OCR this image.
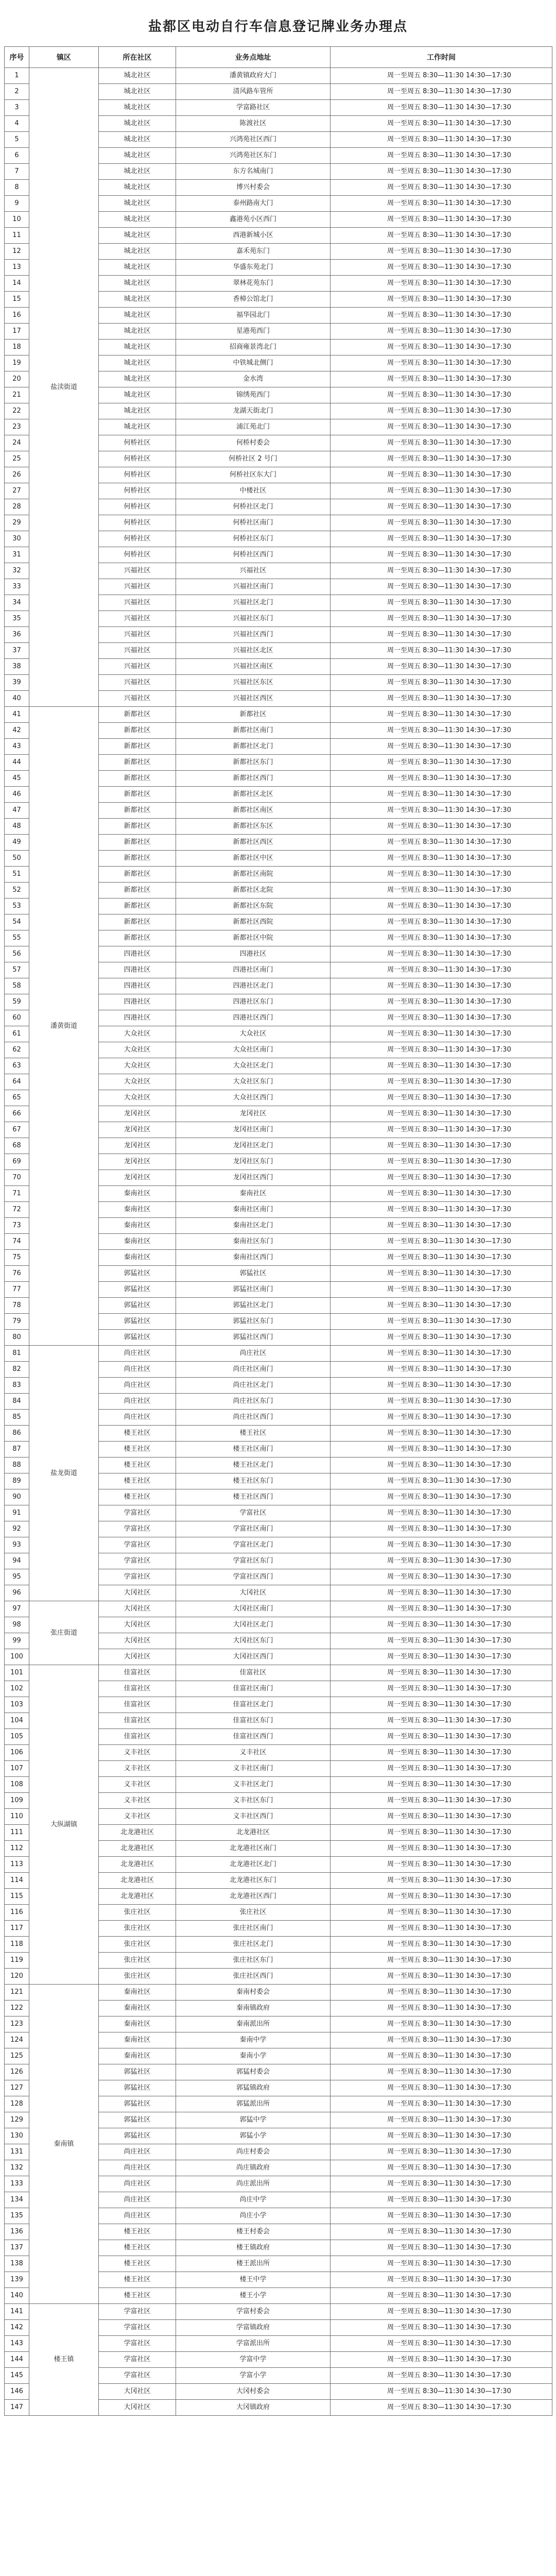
盐都区电动自行车信息登记牌业务办理点
序号	镇区	所在社区	业务点地址	工作时间
1	盐渎街道	城北社区	潘黄镇政府大门	周一至周五 8:30—11:30 14:30—17:30
2		城北社区	清风路车管所	周一至周五 8:30—11:30 14:30—17:30
3		城北社区	学富路社区	周一至周五 8:30—11:30 14:30—17:30
4		城北社区	陈渡社区	周一至周五 8:30—11:30 14:30—17:30
5		城北社区	兴鸿苑社区西门	周一至周五 8:30—11:30 14:30—17:30
6		城北社区	兴鸿苑社区东门	周一至周五 8:30—11:30 14:30—17:30
7		城北社区	东方名城南门	周一至周五 8:30—11:30 14:30—17:30
8		城北社区	博兴村委会	周一至周五 8:30—11:30 14:30—17:30
9		城北社区	泰州路南大门	周一至周五 8:30—11:30 14:30—17:30
10		城北社区	鑫港苑小区西门	周一至周五 8:30—11:30 14:30—17:30
11		城北社区	西港新城小区	周一至周五 8:30—11:30 14:30—17:30
12		城北社区	嘉禾苑东门	周一至周五 8:30—11:30 14:30—17:30
13		城北社区	华盛东苑北门	周一至周五 8:30—11:30 14:30—17:30
14		城北社区	翠林花苑东门	周一至周五 8:30—11:30 14:30—17:30
15		城北社区	香樟公馆北门	周一至周五 8:30—11:30 14:30—17:30
16		城北社区	福华园北门	周一至周五 8:30—11:30 14:30—17:30
17		城北社区	星港苑西门	周一至周五 8:30—11:30 14:30—17:30
18		城北社区	招商雍景湾北门	周一至周五 8:30—11:30 14:30—17:30
19		城北社区	中铁城北侧门	周一至周五 8:30—11:30 14:30—17:30
20		城北社区	金水湾	周一至周五 8:30—11:30 14:30—17:30
21		城北社区	锦绣苑西门	周一至周五 8:30—11:30 14:30—17:30
22		城北社区	龙湖天街北门	周一至周五 8:30—11:30 14:30—17:30
23		城北社区	浦江苑北门	周一至周五 8:30—11:30 14:30—17:30
24		何桥社区	何桥村委会	周一至周五 8:30—11:30 14:30—17:30
25		何桥社区	何桥社区 2 号门	周一至周五 8:30—11:30 14:30—17:30
26		何桥社区	何桥社区东大门	周一至周五 8:30—11:30 14:30—17:30
27		何桥社区	中楼社区	周一至周五 8:30—11:30 14:30—17:30
28		何桥社区	何桥社区北门	周一至周五 8:30—11:30 14:30—17:30
29		何桥社区	何桥社区南门	周一至周五 8:30—11:30 14:30—17:30
30		何桥社区	何桥社区东门	周一至周五 8:30—11:30 14:30—17:30
31		何桥社区	何桥社区西门	周一至周五 8:30—11:30 14:30—17:30
32		兴福社区	兴福社区	周一至周五 8:30—11:30 14:30—17:30
33		兴福社区	兴福社区南门	周一至周五 8:30—11:30 14:30—17:30
34		兴福社区	兴福社区北门	周一至周五 8:30—11:30 14:30—17:30
35		兴福社区	兴福社区东门	周一至周五 8:30—11:30 14:30—17:30
36		兴福社区	兴福社区西门	周一至周五 8:30—11:30 14:30—17:30
37		兴福社区	兴福社区北区	周一至周五 8:30—11:30 14:30—17:30
38		兴福社区	兴福社区南区	周一至周五 8:30—11:30 14:30—17:30
39		兴福社区	兴福社区东区	周一至周五 8:30—11:30 14:30—17:30
40		兴福社区	兴福社区西区	周一至周五 8:30—11:30 14:30—17:30
41	潘黄街道	新都社区	新都社区	周一至周五 8:30—11:30 14:30—17:30
42		新都社区	新都社区南门	周一至周五 8:30—11:30 14:30—17:30
43		新都社区	新都社区北门	周一至周五 8:30—11:30 14:30—17:30
44		新都社区	新都社区东门	周一至周五 8:30—11:30 14:30—17:30
45		新都社区	新都社区西门	周一至周五 8:30—11:30 14:30—17:30
46		新都社区	新都社区北区	周一至周五 8:30—11:30 14:30—17:30
47		新都社区	新都社区南区	周一至周五 8:30—11:30 14:30—17:30
48		新都社区	新都社区东区	周一至周五 8:30—11:30 14:30—17:30
49		新都社区	新都社区西区	周一至周五 8:30—11:30 14:30—17:30
50		新都社区	新都社区中区	周一至周五 8:30—11:30 14:30—17:30
51		新都社区	新都社区南院	周一至周五 8:30—11:30 14:30—17:30
52		新都社区	新都社区北院	周一至周五 8:30—11:30 14:30—17:30
53		新都社区	新都社区东院	周一至周五 8:30—11:30 14:30—17:30
54		新都社区	新都社区西院	周一至周五 8:30—11:30 14:30—17:30
55		新都社区	新都社区中院	周一至周五 8:30—11:30 14:30—17:30
56		四港社区	四港社区	周一至周五 8:30—11:30 14:30—17:30
57		四港社区	四港社区南门	周一至周五 8:30—11:30 14:30—17:30
58		四港社区	四港社区北门	周一至周五 8:30—11:30 14:30—17:30
59		四港社区	四港社区东门	周一至周五 8:30—11:30 14:30—17:30
60		四港社区	四港社区西门	周一至周五 8:30—11:30 14:30—17:30
61		大众社区	大众社区	周一至周五 8:30—11:30 14:30—17:30
62		大众社区	大众社区南门	周一至周五 8:30—11:30 14:30—17:30
63		大众社区	大众社区北门	周一至周五 8:30—11:30 14:30—17:30
64		大众社区	大众社区东门	周一至周五 8:30—11:30 14:30—17:30
65		大众社区	大众社区西门	周一至周五 8:30—11:30 14:30—17:30
66		龙冈社区	龙冈社区	周一至周五 8:30—11:30 14:30—17:30
67		龙冈社区	龙冈社区南门	周一至周五 8:30—11:30 14:30—17:30
68		龙冈社区	龙冈社区北门	周一至周五 8:30—11:30 14:30—17:30
69		龙冈社区	龙冈社区东门	周一至周五 8:30—11:30 14:30—17:30
70		龙冈社区	龙冈社区西门	周一至周五 8:30—11:30 14:30—17:30
71		秦南社区	秦南社区	周一至周五 8:30—11:30 14:30—17:30
72		秦南社区	秦南社区南门	周一至周五 8:30—11:30 14:30—17:30
73		秦南社区	秦南社区北门	周一至周五 8:30—11:30 14:30—17:30
74		秦南社区	秦南社区东门	周一至周五 8:30—11:30 14:30—17:30
75		秦南社区	秦南社区西门	周一至周五 8:30—11:30 14:30—17:30
76		郭猛社区	郭猛社区	周一至周五 8:30—11:30 14:30—17:30
77		郭猛社区	郭猛社区南门	周一至周五 8:30—11:30 14:30—17:30
78		郭猛社区	郭猛社区北门	周一至周五 8:30—11:30 14:30—17:30
79		郭猛社区	郭猛社区东门	周一至周五 8:30—11:30 14:30—17:30
80		郭猛社区	郭猛社区西门	周一至周五 8:30—11:30 14:30—17:30
81	盐龙街道	尚庄社区	尚庄社区	周一至周五 8:30—11:30 14:30—17:30
82		尚庄社区	尚庄社区南门	周一至周五 8:30—11:30 14:30—17:30
83		尚庄社区	尚庄社区北门	周一至周五 8:30—11:30 14:30—17:30
84		尚庄社区	尚庄社区东门	周一至周五 8:30—11:30 14:30—17:30
85		尚庄社区	尚庄社区西门	周一至周五 8:30—11:30 14:30—17:30
86		楼王社区	楼王社区	周一至周五 8:30—11:30 14:30—17:30
87		楼王社区	楼王社区南门	周一至周五 8:30—11:30 14:30—17:30
88		楼王社区	楼王社区北门	周一至周五 8:30—11:30 14:30—17:30
89		楼王社区	楼王社区东门	周一至周五 8:30—11:30 14:30—17:30
90		楼王社区	楼王社区西门	周一至周五 8:30—11:30 14:30—17:30
91		学富社区	学富社区	周一至周五 8:30—11:30 14:30—17:30
92		学富社区	学富社区南门	周一至周五 8:30—11:30 14:30—17:30
93		学富社区	学富社区北门	周一至周五 8:30—11:30 14:30—17:30
94		学富社区	学富社区东门	周一至周五 8:30—11:30 14:30—17:30
95		学富社区	学富社区西门	周一至周五 8:30—11:30 14:30—17:30
96		大冈社区	大冈社区	周一至周五 8:30—11:30 14:30—17:30
97	张庄街道	大冈社区	大冈社区南门	周一至周五 8:30—11:30 14:30—17:30
98		大冈社区	大冈社区北门	周一至周五 8:30—11:30 14:30—17:30
99		大冈社区	大冈社区东门	周一至周五 8:30—11:30 14:30—17:30
100		大冈社区	大冈社区西门	周一至周五 8:30—11:30 14:30—17:30
101	大纵湖镇	佳富社区	佳富社区	周一至周五 8:30—11:30 14:30—17:30
102		佳富社区	佳富社区南门	周一至周五 8:30—11:30 14:30—17:30
103		佳富社区	佳富社区北门	周一至周五 8:30—11:30 14:30—17:30
104		佳富社区	佳富社区东门	周一至周五 8:30—11:30 14:30—17:30
105		佳富社区	佳富社区西门	周一至周五 8:30—11:30 14:30—17:30
106		义丰社区	义丰社区	周一至周五 8:30—11:30 14:30—17:30
107		义丰社区	义丰社区南门	周一至周五 8:30—11:30 14:30—17:30
108		义丰社区	义丰社区北门	周一至周五 8:30—11:30 14:30—17:30
109		义丰社区	义丰社区东门	周一至周五 8:30—11:30 14:30—17:30
110		义丰社区	义丰社区西门	周一至周五 8:30—11:30 14:30—17:30
111		北龙港社区	北龙港社区	周一至周五 8:30—11:30 14:30—17:30
112		北龙港社区	北龙港社区南门	周一至周五 8:30—11:30 14:30—17:30
113		北龙港社区	北龙港社区北门	周一至周五 8:30—11:30 14:30—17:30
114		北龙港社区	北龙港社区东门	周一至周五 8:30—11:30 14:30—17:30
115		北龙港社区	北龙港社区西门	周一至周五 8:30—11:30 14:30—17:30
116		张庄社区	张庄社区	周一至周五 8:30—11:30 14:30—17:30
117		张庄社区	张庄社区南门	周一至周五 8:30—11:30 14:30—17:30
118		张庄社区	张庄社区北门	周一至周五 8:30—11:30 14:30—17:30
119		张庄社区	张庄社区东门	周一至周五 8:30—11:30 14:30—17:30
120		张庄社区	张庄社区西门	周一至周五 8:30—11:30 14:30—17:30
121	秦南镇	秦南社区	秦南村委会	周一至周五 8:30—11:30 14:30—17:30
122		秦南社区	秦南镇政府	周一至周五 8:30—11:30 14:30—17:30
123		秦南社区	秦南派出所	周一至周五 8:30—11:30 14:30—17:30
124		秦南社区	秦南中学	周一至周五 8:30—11:30 14:30—17:30
125		秦南社区	秦南小学	周一至周五 8:30—11:30 14:30—17:30
126		郭猛社区	郭猛村委会	周一至周五 8:30—11:30 14:30—17:30
127		郭猛社区	郭猛镇政府	周一至周五 8:30—11:30 14:30—17:30
128		郭猛社区	郭猛派出所	周一至周五 8:30—11:30 14:30—17:30
129		郭猛社区	郭猛中学	周一至周五 8:30—11:30 14:30—17:30
130		郭猛社区	郭猛小学	周一至周五 8:30—11:30 14:30—17:30
131		尚庄社区	尚庄村委会	周一至周五 8:30—11:30 14:30—17:30
132		尚庄社区	尚庄镇政府	周一至周五 8:30—11:30 14:30—17:30
133		尚庄社区	尚庄派出所	周一至周五 8:30—11:30 14:30—17:30
134		尚庄社区	尚庄中学	周一至周五 8:30—11:30 14:30—17:30
135		尚庄社区	尚庄小学	周一至周五 8:30—11:30 14:30—17:30
136		楼王社区	楼王村委会	周一至周五 8:30—11:30 14:30—17:30
137		楼王社区	楼王镇政府	周一至周五 8:30—11:30 14:30—17:30
138		楼王社区	楼王派出所	周一至周五 8:30—11:30 14:30—17:30
139		楼王社区	楼王中学	周一至周五 8:30—11:30 14:30—17:30
140		楼王社区	楼王小学	周一至周五 8:30—11:30 14:30—17:30
141	楼王镇	学富社区	学富村委会	周一至周五 8:30—11:30 14:30—17:30
142		学富社区	学富镇政府	周一至周五 8:30—11:30 14:30—17:30
143		学富社区	学富派出所	周一至周五 8:30—11:30 14:30—17:30
144		学富社区	学富中学	周一至周五 8:30—11:30 14:30—17:30
145		学富社区	学富小学	周一至周五 8:30—11:30 14:30—17:30
146		大冈社区	大冈村委会	周一至周五 8:30—11:30 14:30—17:30
147		大冈社区	大冈镇政府	周一至周五 8:30—11:30 14:30—17:30
